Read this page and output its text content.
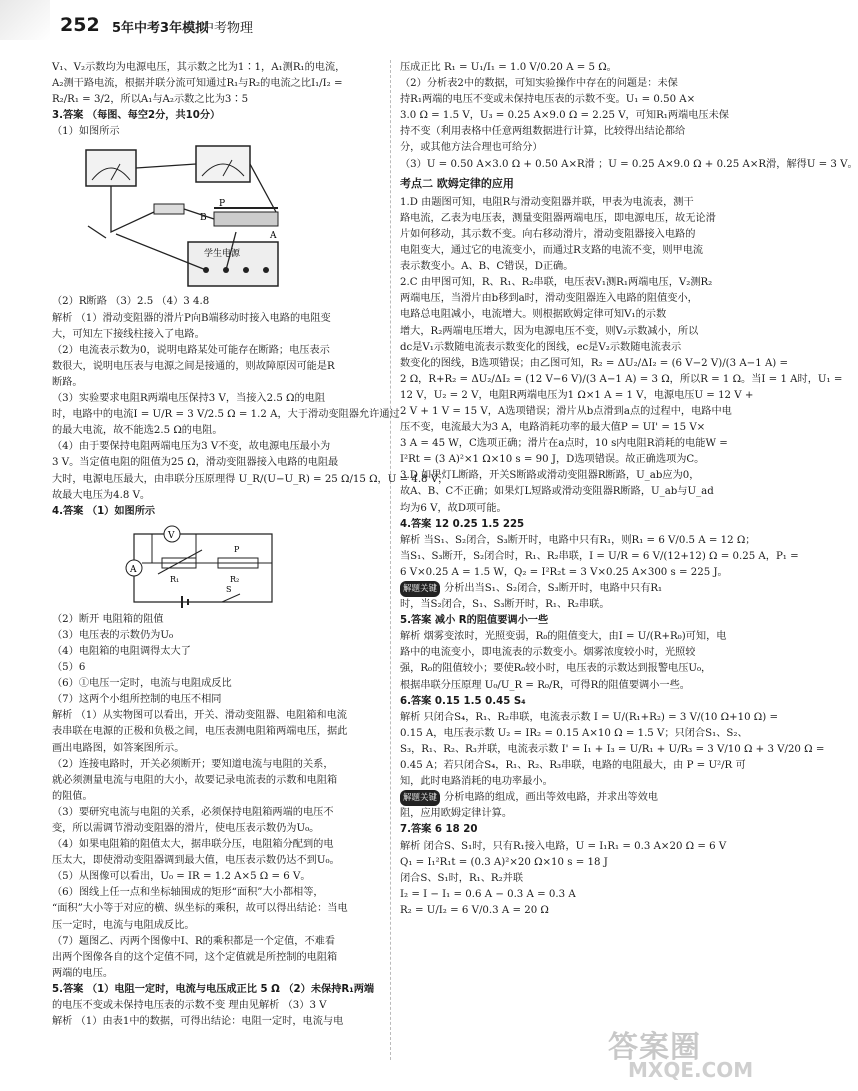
252 5年中考3年模拟
中考物理

V₁、V₂示数均为电源电压，其示数之比为1∶1，A₁测R₁的电流，

A₂测干路电流，根据并联分流可知通过R₁与R₂的电流之比I₁/I₂ =

R₂/R₁ = 3/2，所以A₁与A₂示数之比为3∶5

3.答案 （每图、每空2分，共10分）

（1）如图所示

P
B
A
学生电源

（2）R断路 （3）2.5 （4）3 4.8

解析 （1）滑动变阻器的滑片P向B端移动时接入电路的电阻变

大，可知左下接线柱接入了电路。

（2）电流表示数为0，说明电路某处可能存在断路；电压表示

数很大，说明电压表与电源之间是接通的，则故障原因可能是R

断路。

（3）实验要求电阻R两端电压保持3 V，当接入2.5 Ω的电阻

时，电路中的电流I = U/R = 3 V/2.5 Ω = 1.2 A，大于滑动变阻器允许通过

的最大电流，故不能选2.5 Ω的电阻。

（4）由于要保持电阻两端电压为3 V不变，故电源电压最小为

3 V。当定值电阻的阻值为25 Ω，滑动变阻器接入电路的电阻最

大时，电源电压最大，由串联分压原理得 U_R/(U−U_R) = 25 Ω/15 Ω，U = 4.8 V，

故最大电压为4.8 V。

4.答案 （1）如图所示

V
A
R₁	R₂
P
S

（2）断开 电阻箱的阻值

（3）电压表的示数仍为U₀

（4）电阻箱的电阻调得太大了

（5）6

（6）①电压一定时，电流与电阻成反比

（7）这两个小组所控制的电压不相同

解析 （1）从实物图可以看出，开关、滑动变阻器、电阻箱和电流

表串联在电源的正极和负极之间，电压表测电阻箱两端电压，据此

画出电路图，如答案图所示。

（2）连接电路时，开关必须断开；要知道电流与电阻的关系，

就必须测量电流与电阻的大小，故要记录电流表的示数和电阻箱

的阻值。

（3）要研究电流与电阻的关系，必须保持电阻箱两端的电压不

变，所以需调节滑动变阻器的滑片，使电压表示数仍为U₀。

（4）如果电阻箱的阻值太大，据串联分压，电阻箱分配到的电

压太大，即使滑动变阻器调到最大值，电压表示数仍达不到U₀。

（5）从图像可以看出，U₀ = IR = 1.2 A×5 Ω = 6 V。

（6）图线上任一点和坐标轴围成的矩形“面积”大小都相等，

“面积”大小等于对应的横、纵坐标的乘积，故可以得出结论：当电

压一定时，电流与电阻成反比。

（7）题图乙、丙两个图像中I、R的乘积都是一个定值，不难看

出两个图像各自的这个定值不同，这个定值就是所控制的电阻箱

两端的电压。

5.答案 （1）电阻一定时，电流与电压成正比 5 Ω （2）未保持R₁两端

的电压不变或未保持电压表的示数不变 理由见解析 （3）3 V

解析 （1）由表1中的数据，可得出结论：电阻一定时，电流与电

压成正比 R₁ = U₁/I₁ = 1.0 V/0.20 A = 5 Ω。

（2）分析表2中的数据，可知实验操作中存在的问题是：未保

持R₁两端的电压不变或未保持电压表的示数不变。U₁ = 0.50 A×

3.0 Ω = 1.5 V，U₃ = 0.25 A×9.0 Ω = 2.25 V，可知R₁两端电压未保

持不变（利用表格中任意两组数据进行计算，比较得出结论都给

分，或其他方法合理也可给分）

（3）U = 0.50 A×3.0 Ω + 0.50 A×R滑 ；U = 0.25 A×9.0 Ω + 0.25 A×R滑，解得U = 3 V。

考点二 欧姆定律的应用

1.D 由题图可知，电阻R与滑动变阻器并联，甲表为电流表，测干

路电流，乙表为电压表，测量变阻器两端电压，即电源电压，故无论滑

片如何移动，其示数不变。向右移动滑片，滑动变阻器接入电路的

电阻变大，通过它的电流变小，而通过R支路的电流不变，则甲电流

表示数变小。A、B、C错误，D正确。

2.C 由甲图可知，R、R₁、R₂串联，电压表V₁测R₁两端电压，V₂测R₂

两端电压，当滑片由b移到a时，滑动变阻器连入电路的阻值变小，

电路总电阻减小，电流增大。则根据欧姆定律可知V₁的示数

增大，R₂两端电压增大，因为电源电压不变，则V₂示数减小，所以

dc是V₁示数随电流表示数变化的图线，ec是V₂示数随电流表示

数变化的图线，B选项错误；由乙图可知，R₂ = ΔU₂/ΔI₂ = (6 V−2 V)/(3 A−1 A) =

2 Ω，R+R₂ = ΔU₂/ΔI₂ = (12 V−6 V)/(3 A−1 A) = 3 Ω，所以R = 1 Ω。当I = 1 A时，U₁ =

12 V，U₂ = 2 V，电阻R两端电压为1 Ω×1 A = 1 V，电源电压U = 12 V +

2 V + 1 V = 15 V，A选项错误；滑片从b点滑到a点的过程中，电路中电

压不变，电流最大为3 A，电路消耗功率的最大值P = UI' = 15 V×

3 A = 45 W，C选项正确；滑片在a点时，10 s内电阻R消耗的电能W =

I²Rt = (3 A)²×1 Ω×10 s = 90 J，D选项错误。故正确选项为C。

3.D 如果灯L断路，开关S断路或滑动变阻器R断路，U_ab应为0，

故A、B、C不正确；如果灯L短路或滑动变阻器R断路，U_ab与U_ad

均为6 V，故D项可能。

4.答案 12 0.25 1.5 225

解析 当S₁、S₂闭合，S₃断开时，电路中只有R₁，则R₁ = 6 V/0.5 A = 12 Ω；

当S₁、S₃断开，S₂闭合时，R₁、R₂串联，I = U/R = 6 V/(12+12) Ω = 0.25 A，P₁ =

6 V×0.25 A = 1.5 W，Q₂ = I²R₂t = 3 V×0.25 A×300 s = 225 J。

解题关键 分析出当S₁、S₂闭合，S₃断开时，电路中只有R₁

时，当S₂闭合，S₁、S₃断开时，R₁、R₂串联。

5.答案 减小 R的阻值要调小一些

解析 烟雾变浓时，光照变弱，R₀的阻值变大，由I = U/(R+R₀)可知，电

路中的电流变小，即电流表的示数变小。烟雾浓度较小时，光照较

强，R₀的阻值较小；要使R₀较小时，电压表的示数达到报警电压U₀，

根据串联分压原理 U₀/U_R = R₀/R，可得R的阻值要调小一些。

6.答案 0.15 1.5 0.45 S₄

解析 只闭合S₄，R₁、R₂串联，电流表示数 I = U/(R₁+R₂) = 3 V/(10 Ω+10 Ω) =

0.15 A，电压表示数 U₂ = IR₂ = 0.15 A×10 Ω = 1.5 V；只闭合S₁、S₂、

S₃，R₁、R₂、R₃并联，电流表示数 I' = I₁ + I₃ = U/R₁ + U/R₃ = 3 V/10 Ω + 3 V/20 Ω =

0.45 A；若只闭合S₄，R₁、R₂、R₃串联，电路的电阻最大，由 P = U²/R 可

知，此时电路消耗的电功率最小。

解题关键 分析电路的组成，画出等效电路，并求出等效电

阻，应用欧姆定律计算。

7.答案 6 18 20

解析 闭合S、S₁时，只有R₁接入电路，U = I₁R₁ = 0.3 A×20 Ω = 6 V

Q₁ = I₁²R₁t = (0.3 A)²×20 Ω×10 s = 18 J

闭合S、S₁时，R₁、R₂并联

I₂ = I − I₁ = 0.6 A − 0.3 A = 0.3 A

R₂ = U/I₂ = 6 V/0.3 A = 20 Ω

答案圈
MXQE.COM
